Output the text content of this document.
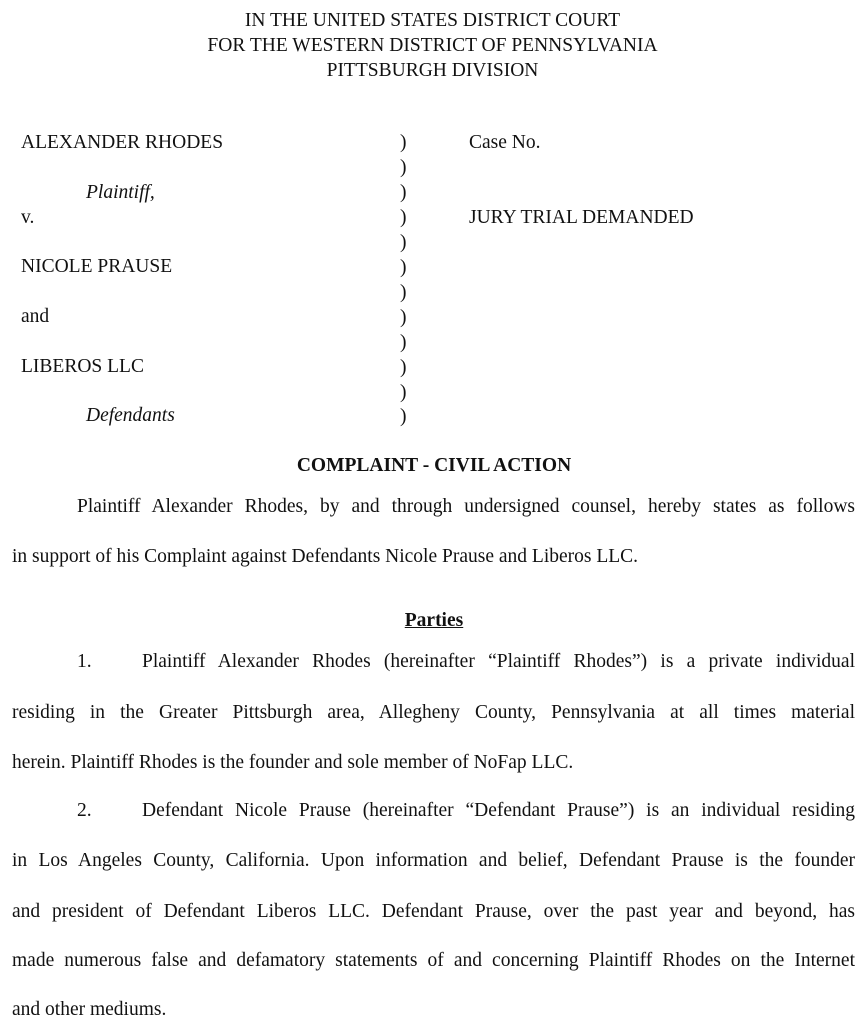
IN THE UNITED STATES DISTRICT COURT
FOR THE WESTERN DISTRICT OF PENNSYLVANIA
PITTSBURGH DIVISION
ALEXANDER RHODES
Plaintiff,
v.
NICOLE PRAUSE
and
LIBEROS LLC
Defendants
)
)
)
)
)
)
)
)
)
)
)
)
Case No.
JURY TRIAL DEMANDED
COMPLAINT - CIVIL ACTION
Plaintiff Alexander Rhodes, by and through undersigned counsel, hereby states as follows
in support of his Complaint against Defendants Nicole Prause and Liberos LLC.
Parties
1.	Plaintiff Alexander Rhodes (hereinafter “Plaintiff Rhodes”) is a private individual
residing in the Greater Pittsburgh area, Allegheny County, Pennsylvania at all times material
herein. Plaintiff Rhodes is the founder and sole member of NoFap LLC.
2.	Defendant Nicole Prause (hereinafter “Defendant Prause”) is an individual residing
in Los Angeles County, California. Upon information and belief, Defendant Prause is the founder
and president of Defendant Liberos LLC. Defendant Prause, over the past year and beyond, has
made numerous false and defamatory statements of and concerning Plaintiff Rhodes on the Internet
and other mediums.
